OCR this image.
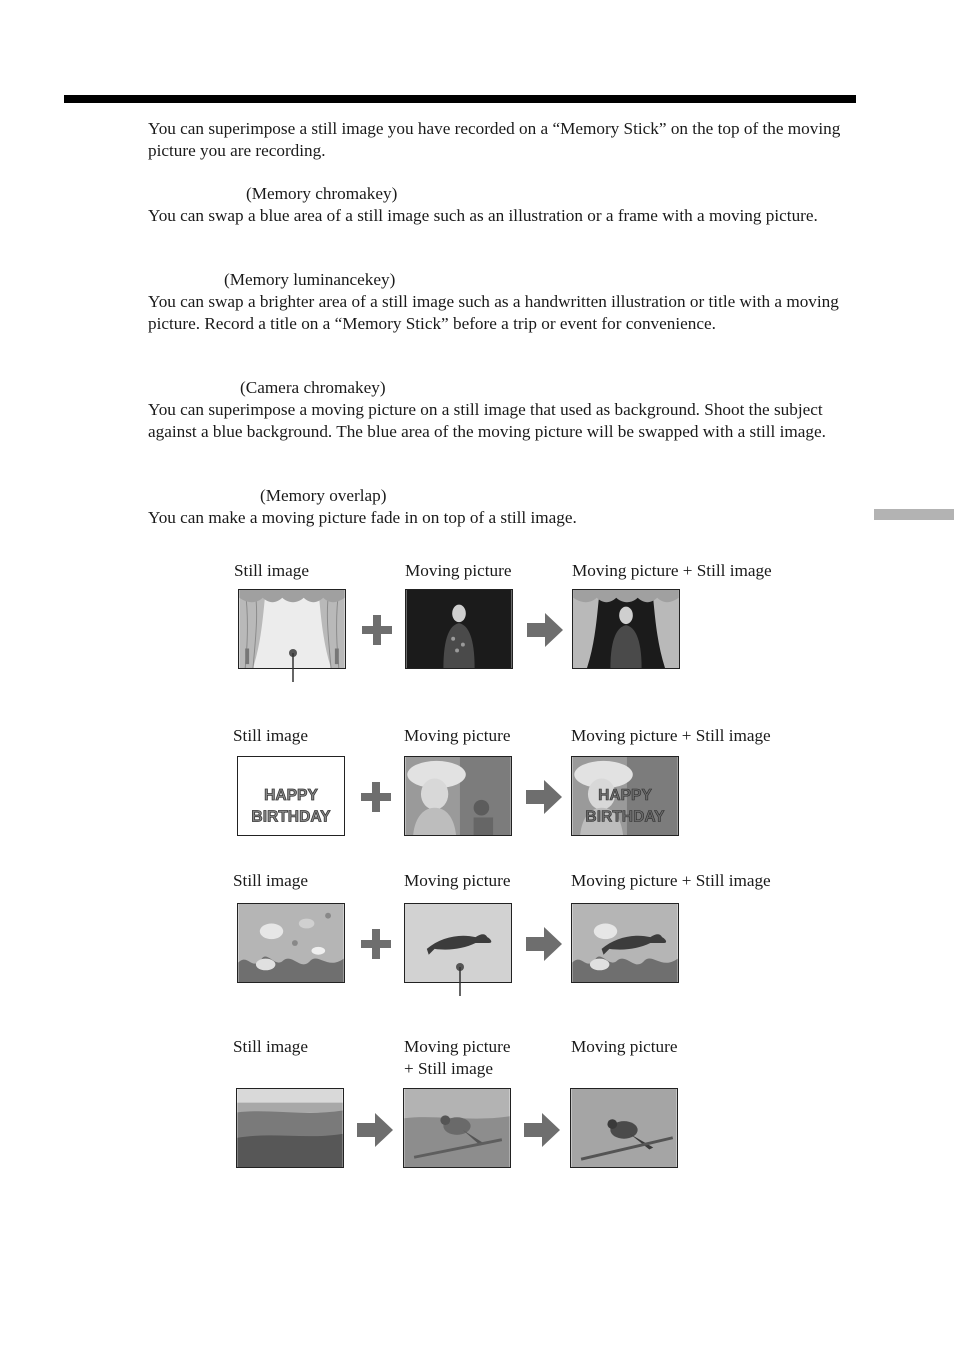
You can superimpose a still image you have recorded on a “Memory Stick” on the top of the moving picture you are recording.

(Memory chromakey)

You can swap a blue area of a still image such as an illustration or a frame with a moving picture.

(Memory luminancekey)

You can swap a brighter area of a still image such as a handwritten illustration or title with a moving picture. Record a title on a “Memory Stick” before a trip or event for convenience.

(Camera chromakey)

You can superimpose a moving picture on a still image that used as background. Shoot the subject against a blue background. The blue area of the moving picture will be swapped with a still image.

(Memory overlap)

You can make a moving picture fade in on top of a still image.

Still image	Moving picture	Moving picture + Still image
Still image	Moving picture	Moving picture + Still image
HAPPY
BIRTHDAY
HAPPY
BIRTHDAY
Still image	Moving picture	Moving picture + Still image
Still image	Moving picture
+ Still image
Moving picture
